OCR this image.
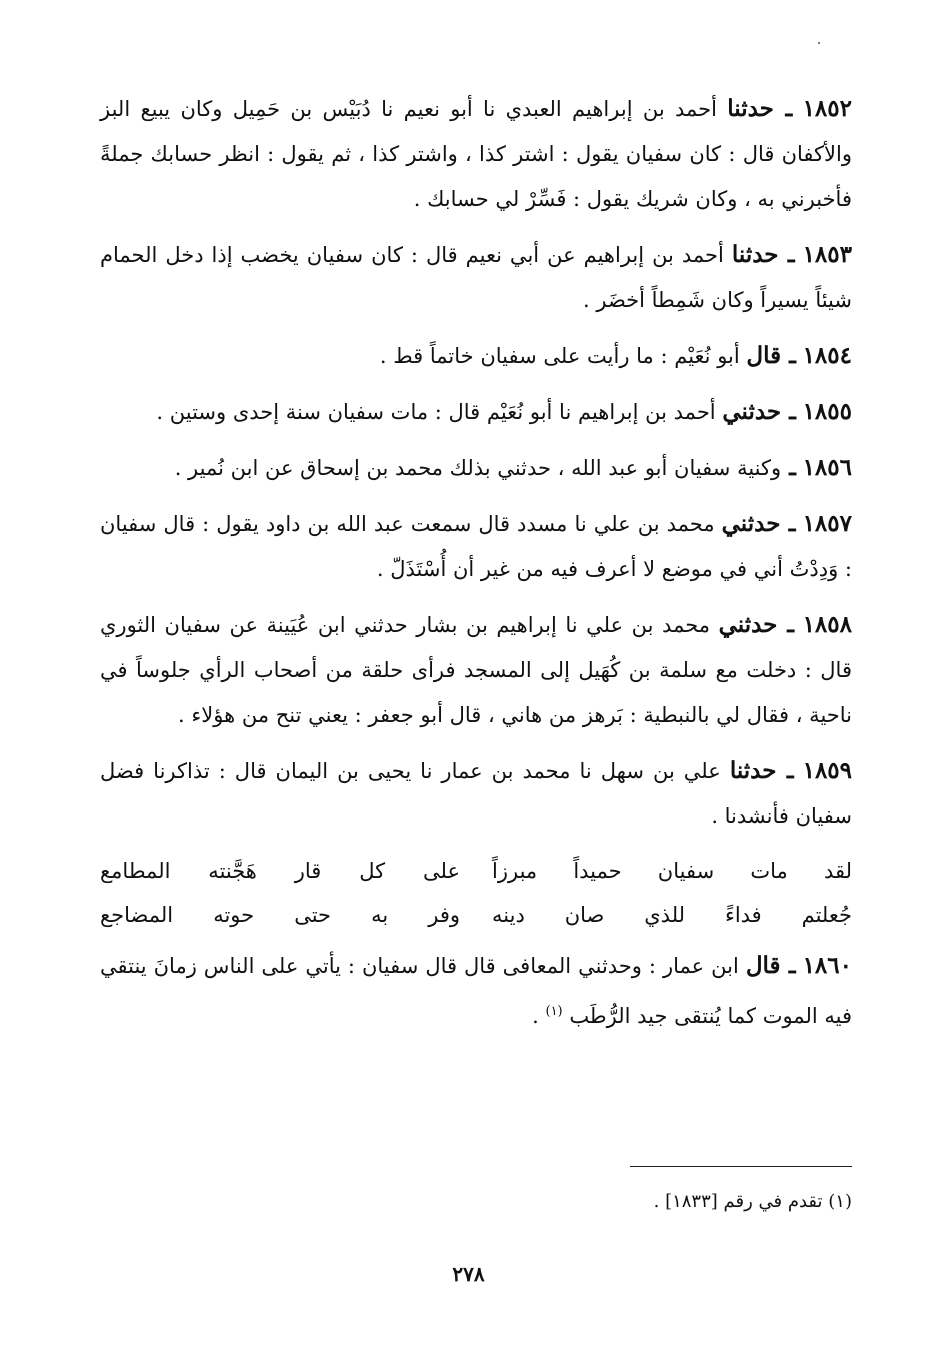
١٨٥٢ ـ حدثنا أحمد بن إبراهيم العبدي نا أبو نعيم نا دُبَيْس بن حَمِيل وكان يبيع البز والأكفان قال : كان سفيان يقول : اشتر كذا ، واشتر كذا ، ثم يقول : انظر حسابك جملةً فأخبرني به ، وكان شريك يقول : فَسِّرْ لي حسابك .

١٨٥٣ ـ حدثنا أحمد بن إبراهيم عن أبي نعيم قال : كان سفيان يخضب إذا دخل الحمام شيئاً يسيراً وكان شَمِطاً أخضَر .

١٨٥٤ ـ قال أبو نُعَيْم : ما رأيت على سفيان خاتماً قط .

١٨٥٥ ـ حدثني أحمد بن إبراهيم نا أبو نُعَيْم قال : مات سفيان سنة إحدى وستين .

١٨٥٦ ـ وكنية سفيان أبو عبد الله ، حدثني بذلك محمد بن إسحاق عن ابن نُمير .

١٨٥٧ ـ حدثني محمد بن علي نا مسدد قال سمعت عبد الله بن داود يقول : قال سفيان : وَدِدْتُ أني في موضع لا أعرف فيه من غير أن أُسْتَذَلّ .

١٨٥٨ ـ حدثني محمد بن علي نا إبراهيم بن بشار حدثني ابن عُيَينة عن سفيان الثوري قال : دخلت مع سلمة بن كُهَيل إلى المسجد فرأى حلقة من أصحاب الرأي جلوساً في ناحية ، فقال لي بالنبطية : بَرهز من هاني ، قال أبو جعفر : يعني تنح من هؤلاء .

١٨٥٩ ـ حدثنا علي بن سهل نا محمد بن عمار نا يحيى بن اليمان قال : تذاكرنا فضل سفيان فأنشدنا .

لقد مات سفيان حميداً مبرزاً
على كل قار هَجَّنته المطامع
جُعلتم فداءً للذي صان دينه
وفر به حتى حوته المضاجع

١٨٦٠ ـ قال ابن عمار : وحدثني المعافى قال قال سفيان : يأتي على الناس زمانَ ينتقي فيه الموت كما يُنتقى جيد الرُّطَب $^{(١)}$ .

(١) تقدم في رقم [١٨٣٣] .
٢٧٨
